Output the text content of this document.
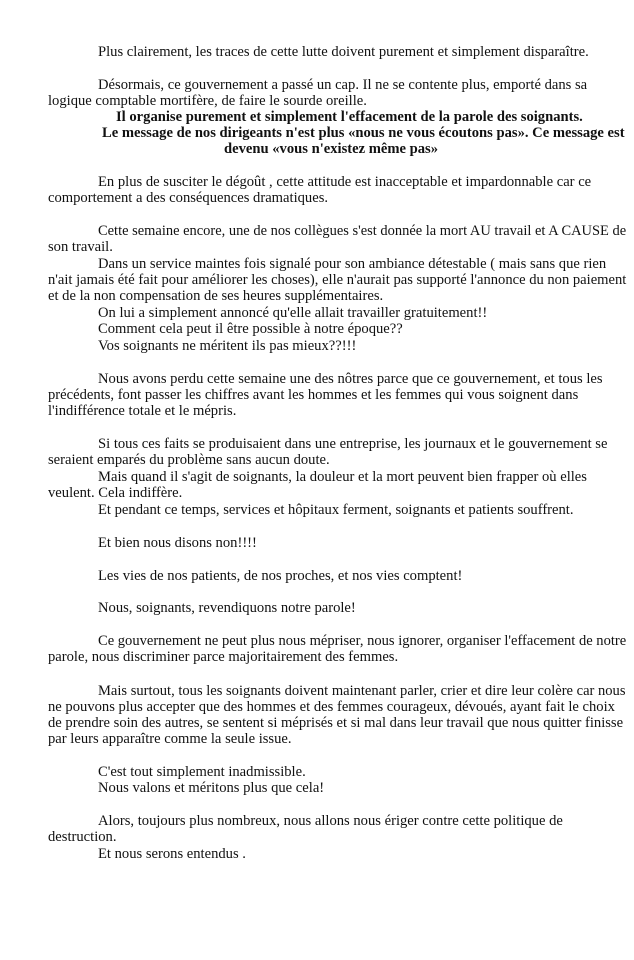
Plus clairement, les traces de cette lutte doivent purement et simplement disparaître.
Désormais, ce gouvernement a passé un cap. Il ne se contente plus, emporté dans sa
logique comptable mortifère, de faire le sourde oreille.
Il organise purement et simplement l'effacement de la parole des soignants.
Le message de nos dirigeants n'est plus «nous ne vous écoutons pas». Ce message est
devenu «vous n'existez même pas»
En plus de susciter le dégoût , cette attitude est inacceptable et impardonnable car ce
comportement a des conséquences dramatiques.
Cette semaine encore, une de nos collègues s'est donnée la mort AU travail et A CAUSE de
son travail.
Dans un service maintes fois signalé pour son ambiance détestable ( mais sans que rien
n'ait jamais été fait pour améliorer les choses), elle n'aurait pas supporté l'annonce du non paiement
et de la non compensation de ses heures supplémentaires.
On lui a simplement annoncé qu'elle allait travailler gratuitement!!
Comment cela peut il être possible à notre époque??
Vos soignants ne méritent ils pas mieux??!!!
Nous avons perdu cette semaine une des nôtres parce que ce gouvernement, et tous les
précédents, font passer les chiffres avant les hommes et les femmes qui vous soignent dans
l'indifférence totale et le mépris.
Si tous ces faits se produisaient dans une entreprise, les journaux et le gouvernement se
seraient emparés du problème sans aucun doute.
Mais quand il s'agit de soignants, la douleur et la mort peuvent bien frapper où elles
veulent. Cela indiffère.
Et pendant ce temps, services et hôpitaux ferment, soignants et patients souffrent.
Et bien nous disons non!!!!
Les vies de nos patients, de nos proches, et nos vies comptent!
Nous, soignants, revendiquons notre parole!
Ce gouvernement ne peut plus nous mépriser, nous ignorer, organiser l'effacement de notre
parole, nous discriminer parce majoritairement des femmes.
Mais surtout, tous les soignants doivent maintenant parler, crier et dire leur colère car nous
ne pouvons plus accepter que des hommes et des femmes courageux, dévoués, ayant fait le choix
de prendre soin des autres, se sentent si méprisés et si mal dans leur travail que nous quitter finisse
par leurs apparaître comme la seule issue.
C'est tout simplement inadmissible.
Nous valons et méritons plus que cela!
Alors, toujours plus nombreux, nous allons nous ériger contre cette politique de
destruction.
Et nous serons entendus .
